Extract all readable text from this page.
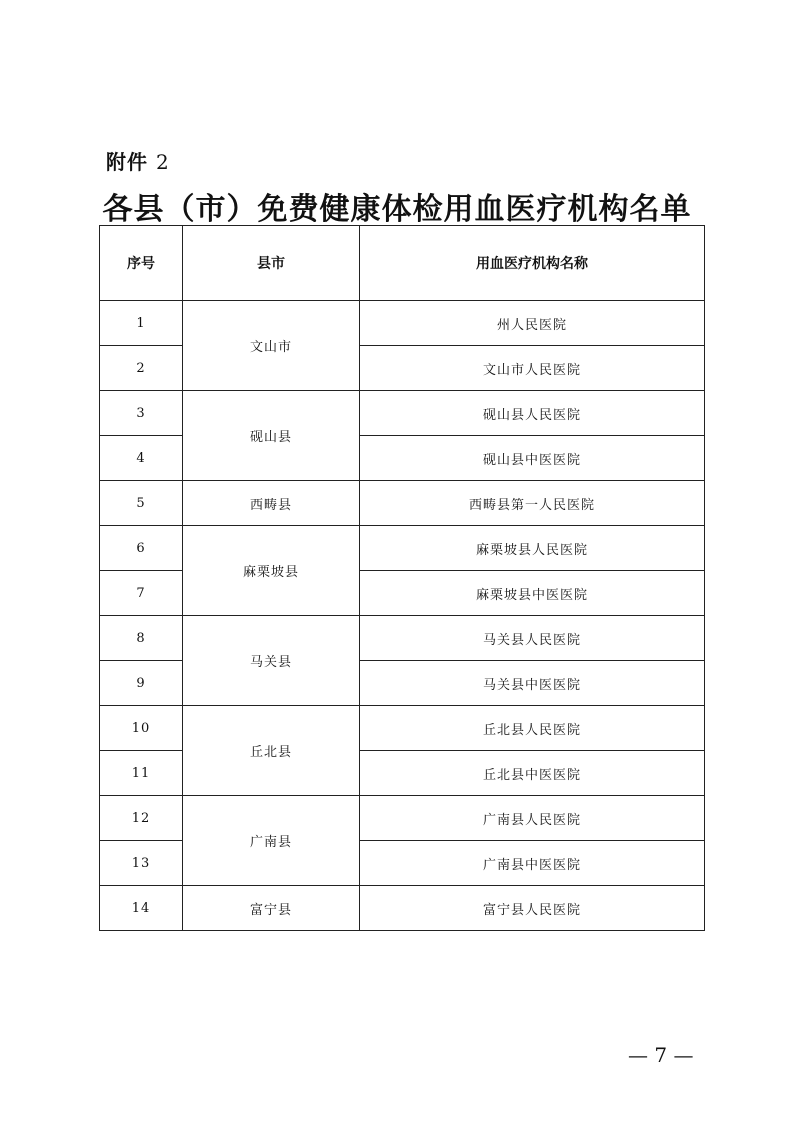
附件 2
各县（市）免费健康体检用血医疗机构名单
序号	县市	用血医疗机构名称
1	文山市	州人民医院
2		文山市人民医院
3	砚山县	砚山县人民医院
4		砚山县中医医院
5	西畴县	西畴县第一人民医院
6	麻栗坡县	麻栗坡县人民医院
7		麻栗坡县中医医院
8	马关县	马关县人民医院
9		马关县中医医院
10	丘北县	丘北县人民医院
11		丘北县中医医院
12	广南县	广南县人民医院
13		广南县中医医院
14	富宁县	富宁县人民医院
— 7 —
